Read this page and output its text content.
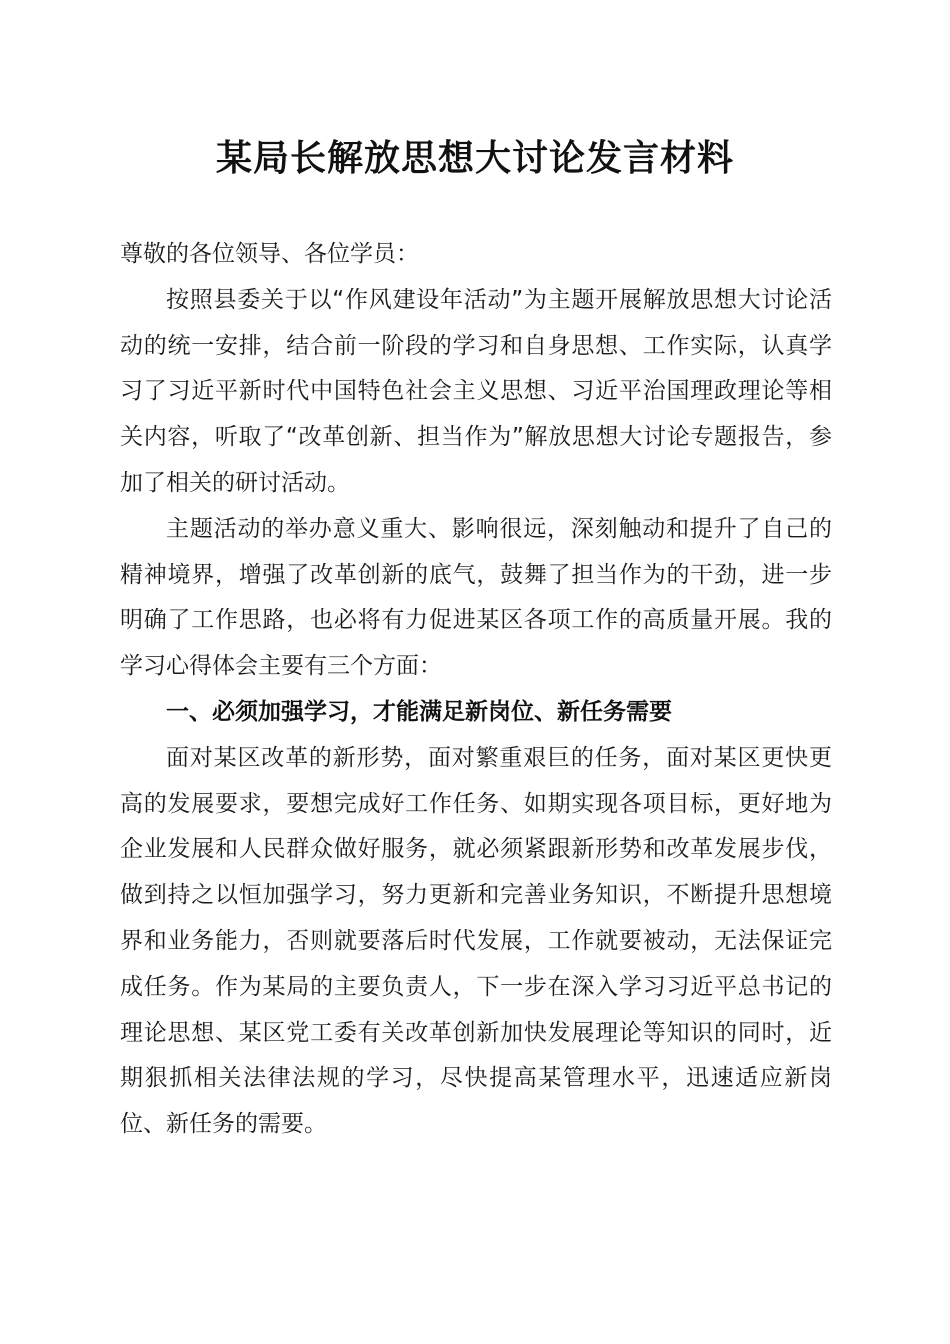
某局长解放思想大讨论发言材料

尊敬的各位领导、各位学员：

按照县委关于以“作风建设年活动”为主题开展解放思想大讨论活动的统一安排，结合前一阶段的学习和自身思想、工作实际，认真学习了习近平新时代中国特色社会主义思想、习近平治国理政理论等相关内容，听取了“改革创新、担当作为”解放思想大讨论专题报告，参加了相关的研讨活动。

主题活动的举办意义重大、影响很远，深刻触动和提升了自己的精神境界，增强了改革创新的底气，鼓舞了担当作为的干劲，进一步明确了工作思路，也必将有力促进某区各项工作的高质量开展。我的学习心得体会主要有三个方面：

一、必须加强学习，才能满足新岗位、新任务需要

面对某区改革的新形势，面对繁重艰巨的任务，面对某区更快更高的发展要求，要想完成好工作任务、如期实现各项目标，更好地为企业发展和人民群众做好服务，就必须紧跟新形势和改革发展步伐，做到持之以恒加强学习，努力更新和完善业务知识，不断提升思想境界和业务能力，否则就要落后时代发展，工作就要被动，无法保证完成任务。作为某局的主要负责人，下一步在深入学习习近平总书记的理论思想、某区党工委有关改革创新加快发展理论等知识的同时，近期狠抓相关法律法规的学习，尽快提高某管理水平，迅速适应新岗位、新任务的需要。
